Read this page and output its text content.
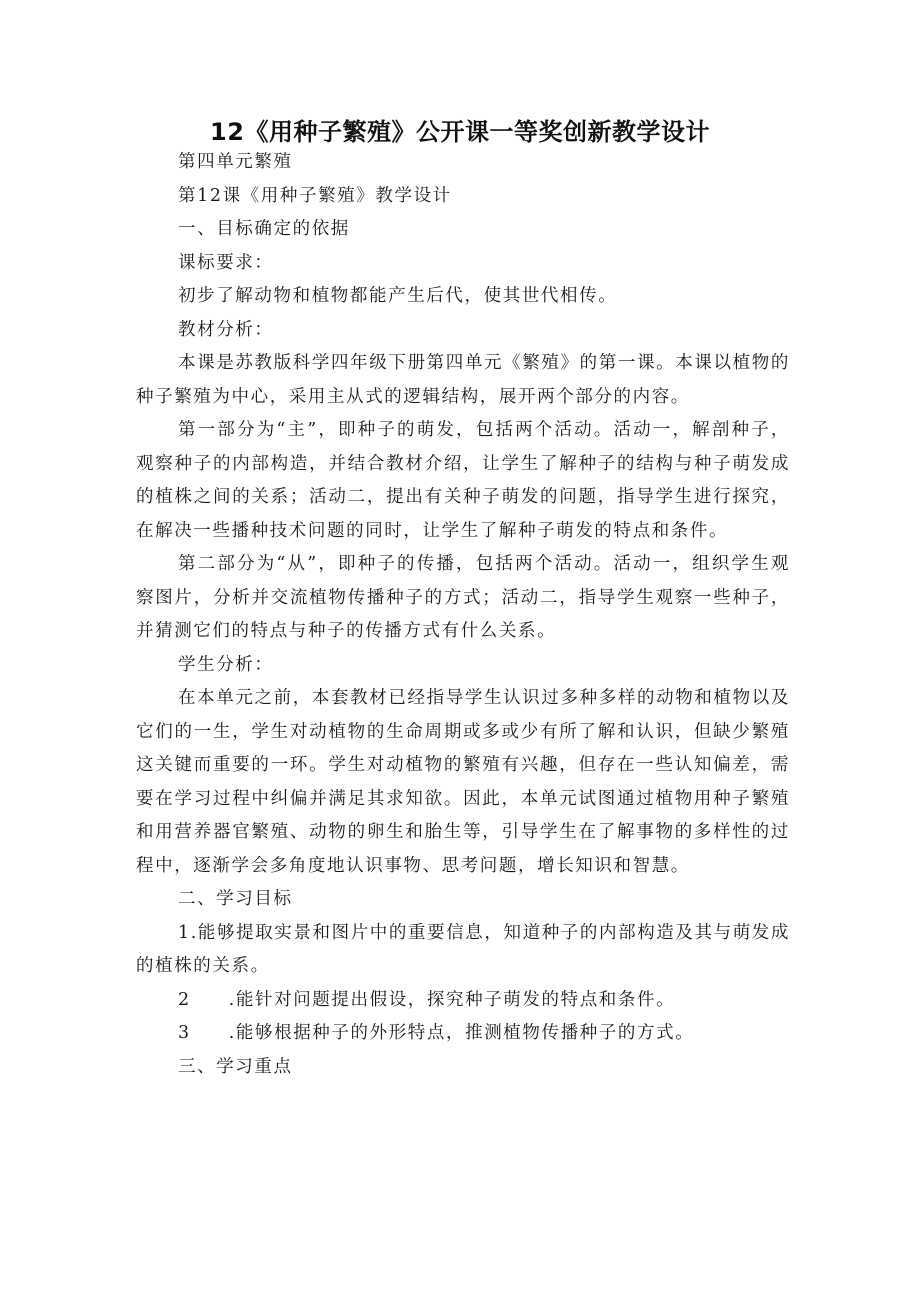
12《用种子繁殖》公开课一等奖创新教学设计

第四单元繁殖

第12课《用种子繁殖》教学设计

一、目标确定的依据

课标要求：

初步了解动物和植物都能产生后代，使其世代相传。

教材分析：

本课是苏教版科学四年级下册第四单元《繁殖》的第一课。本课以植物的种子繁殖为中心，采用主从式的逻辑结构，展开两个部分的内容。

第一部分为“主”，即种子的萌发，包括两个活动。活动一，解剖种子，观察种子的内部构造，并结合教材介绍，让学生了解种子的结构与种子萌发成的植株之间的关系；活动二，提出有关种子萌发的问题，指导学生进行探究，在解决一些播种技术问题的同时，让学生了解种子萌发的特点和条件。

第二部分为“从”，即种子的传播，包括两个活动。活动一，组织学生观察图片，分析并交流植物传播种子的方式；活动二，指导学生观察一些种子，并猜测它们的特点与种子的传播方式有什么关系。

学生分析：

在本单元之前，本套教材已经指导学生认识过多种多样的动物和植物以及它们的一生，学生对动植物的生命周期或多或少有所了解和认识，但缺少繁殖这关键而重要的一环。学生对动植物的繁殖有兴趣，但存在一些认知偏差，需要在学习过程中纠偏并满足其求知欲。因此，本单元试图通过植物用种子繁殖和用营养器官繁殖、动物的卵生和胎生等，引导学生在了解事物的多样性的过程中，逐渐学会多角度地认识事物、思考问题，增长知识和智慧。

二、学习目标

1.能够提取实景和图片中的重要信息，知道种子的内部构造及其与萌发成的植株的关系。

2 .能针对问题提出假设，探究种子萌发的特点和条件。

3 .能够根据种子的外形特点，推测植物传播种子的方式。

三、学习重点
